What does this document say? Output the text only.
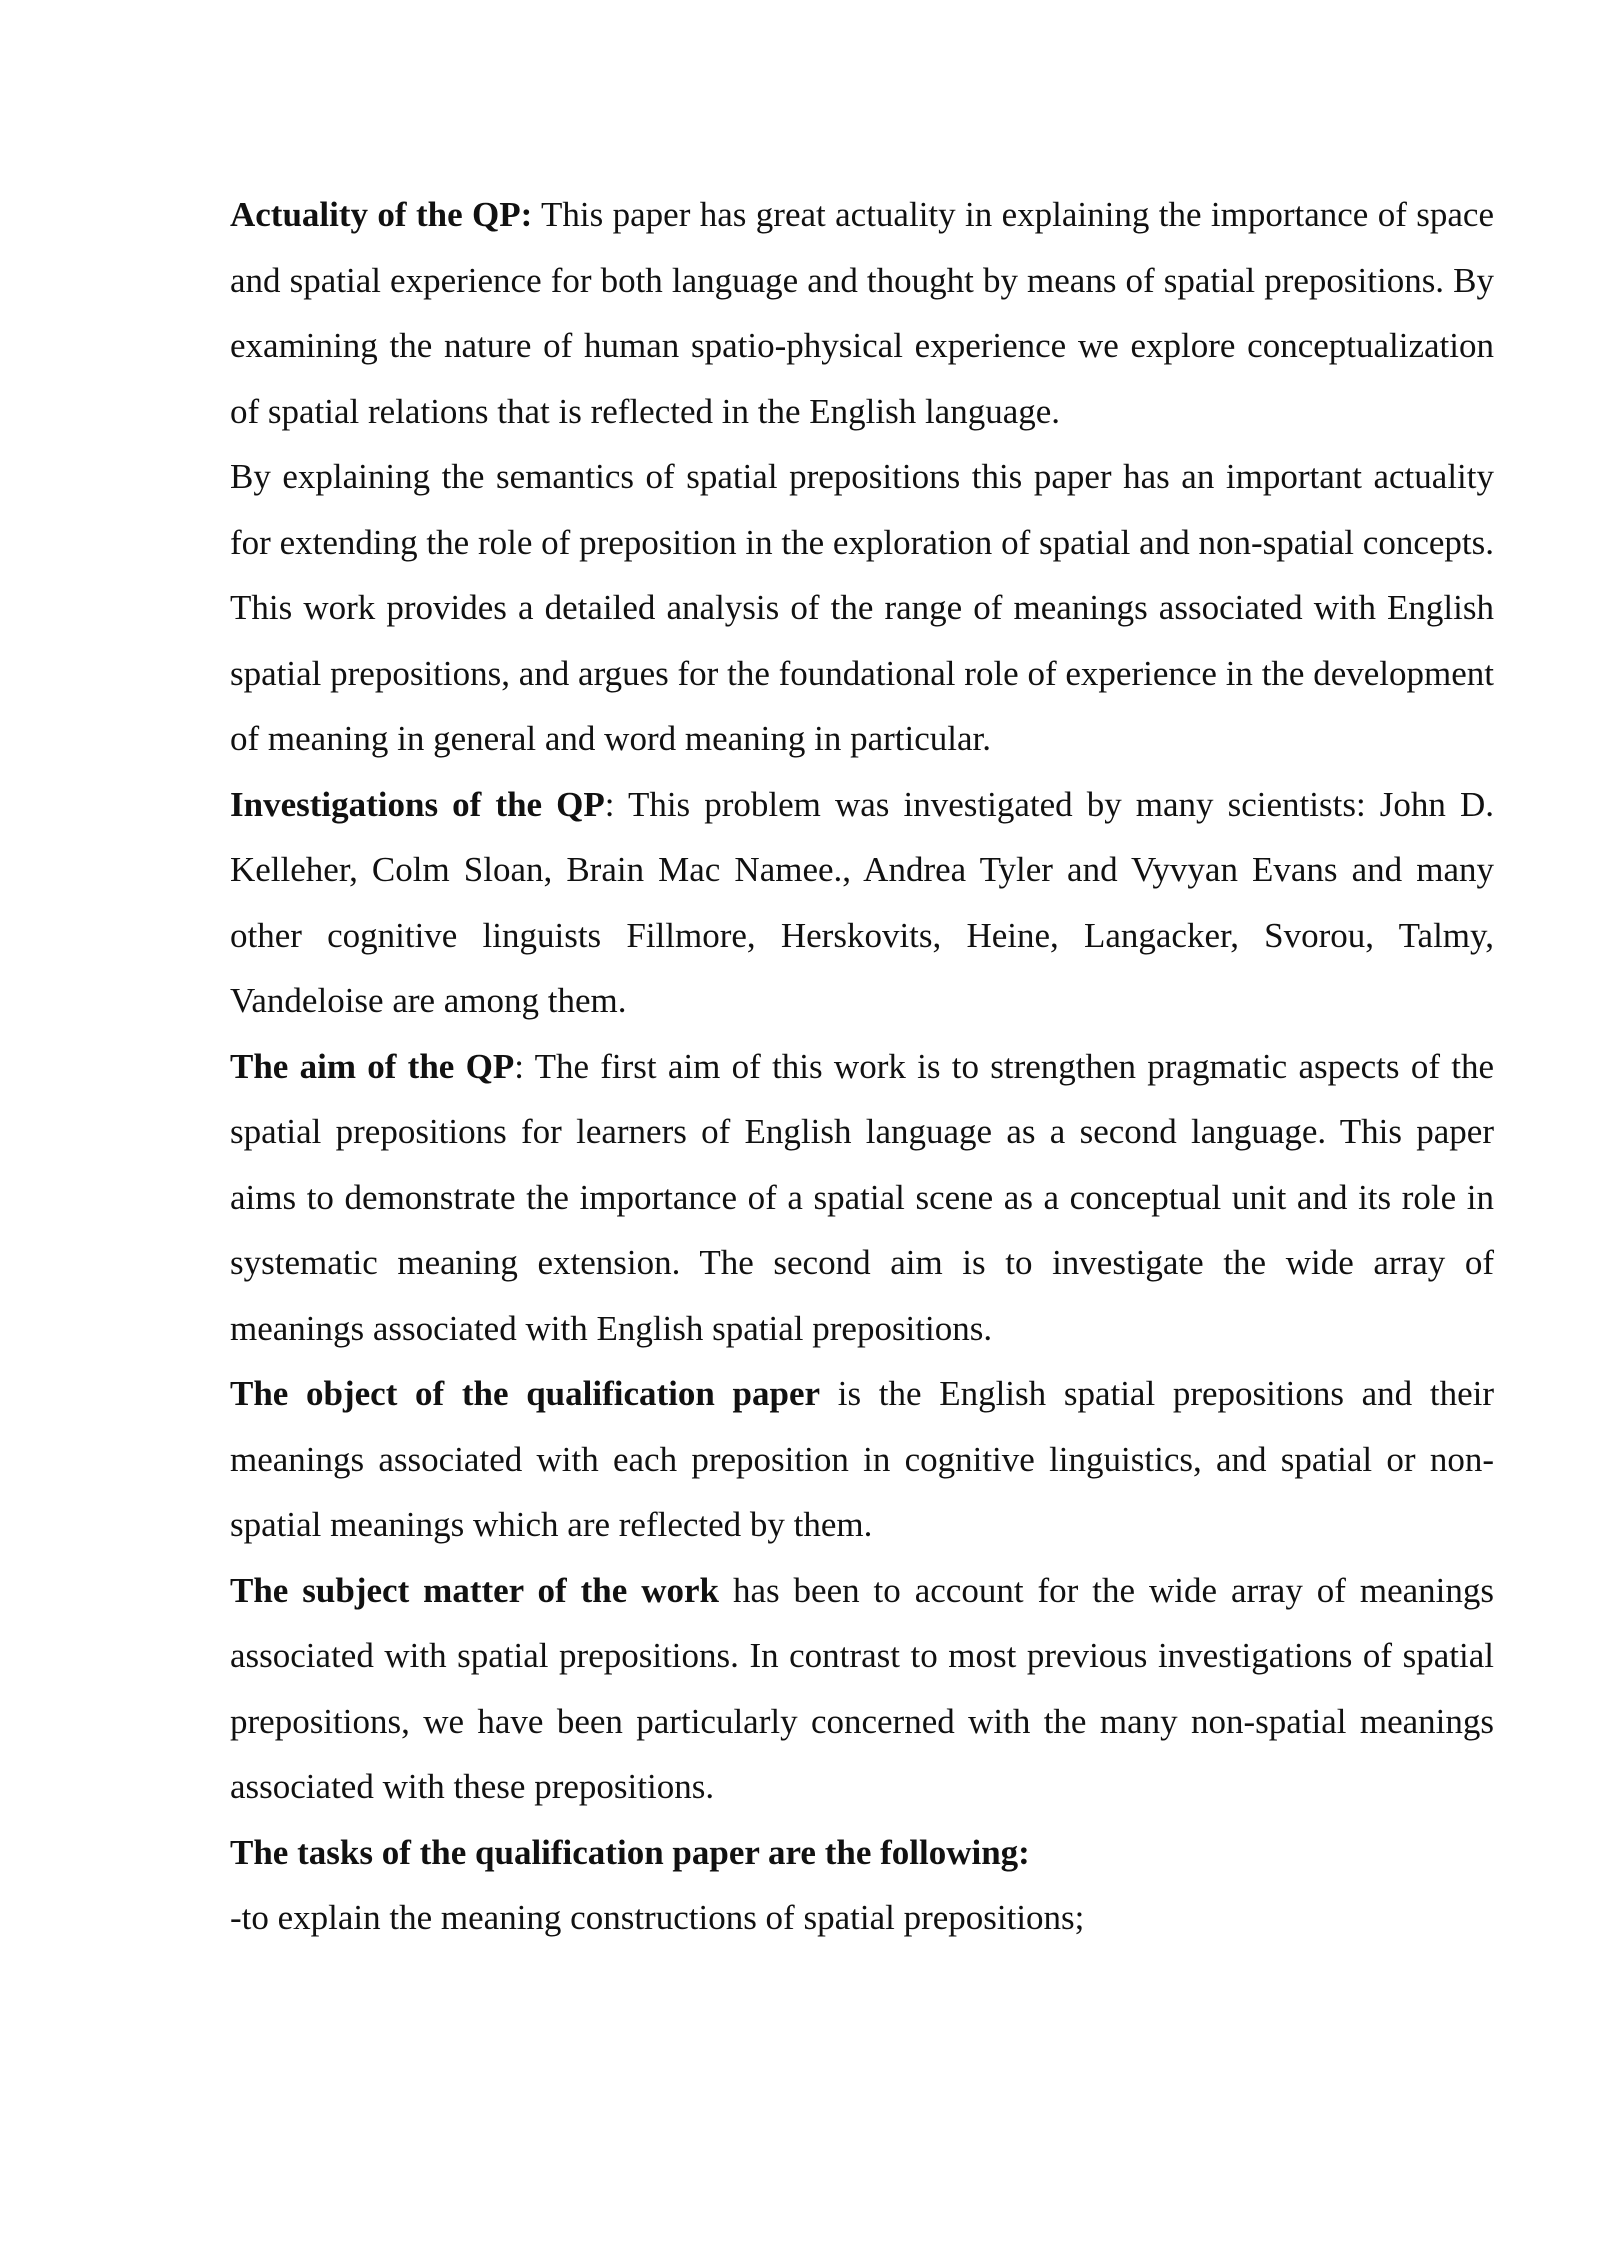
Actuality of the QP: This paper has great actuality in explaining the importance of space and spatial experience for both language and thought by means of spatial prepositions. By examining the nature of human spatio-physical experience we explore conceptualization of spatial relations that is reflected in the English language.

By explaining the semantics of spatial prepositions this paper has an important actuality for extending the role of preposition in the exploration of spatial and non-spatial concepts. This work provides a detailed analysis of the range of meanings associated with English spatial prepositions, and argues for the foundational role of experience in the development of meaning in general and word meaning in particular.

Investigations of the QP: This problem was investigated by many scientists: John D. Kelleher, Colm Sloan, Brain Mac Namee., Andrea Tyler and Vyvyan Evans and many other cognitive linguists Fillmore, Herskovits, Heine, Langacker, Svorou, Talmy, Vandeloise are among them.

The aim of the QP: The first aim of this work is to strengthen pragmatic aspects of the spatial prepositions for learners of English language as a second language. This paper aims to demonstrate the importance of a spatial scene as a conceptual unit and its role in systematic meaning extension. The second aim is to investigate the wide array of meanings associated with English spatial prepositions.

The object of the qualification paper is the English spatial prepositions and their meanings associated with each preposition in cognitive linguistics, and spatial or non-spatial meanings which are reflected by them.

The subject matter of the work has been to account for the wide array of meanings associated with spatial prepositions. In contrast to most previous investigations of spatial prepositions, we have been particularly concerned with the many non-spatial meanings associated with these prepositions.

The tasks of the qualification paper are the following:

-to explain the meaning constructions of spatial prepositions;
